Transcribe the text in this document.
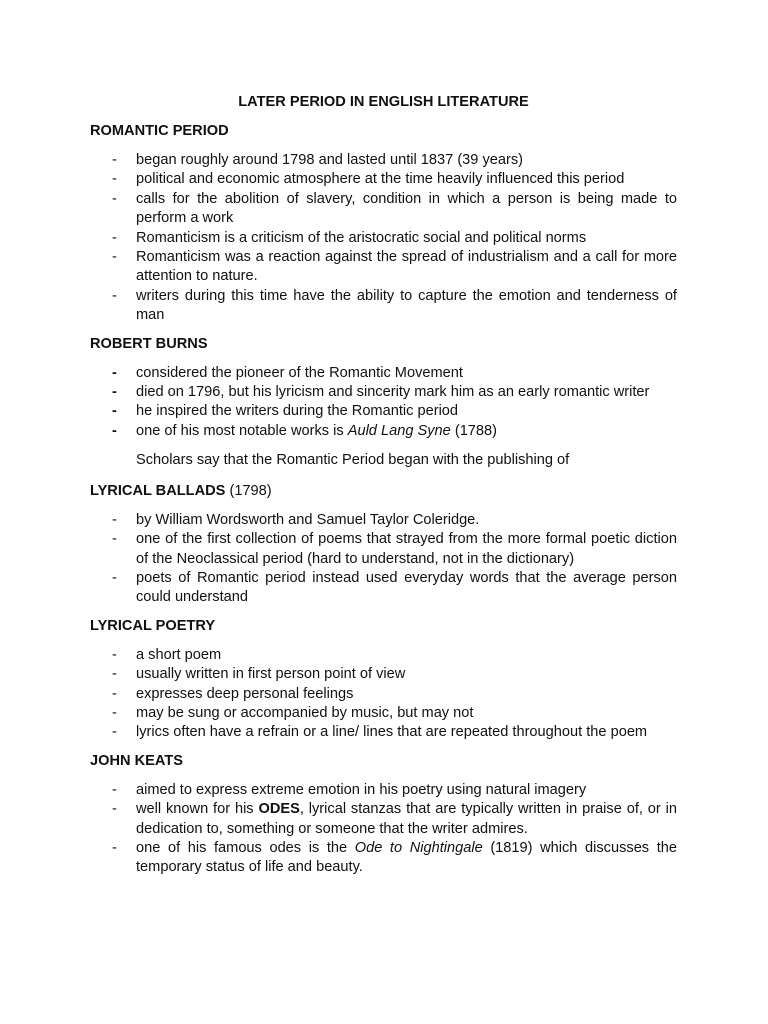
LATER PERIOD IN ENGLISH LITERATURE
ROMANTIC PERIOD
- began roughly around 1798 and lasted until 1837 (39 years)
- political and economic atmosphere at the time heavily influenced this period
- calls for the abolition of slavery, condition in which a person is being made to perform a work
- Romanticism is a criticism of the aristocratic social and political norms
- Romanticism was a reaction against the spread of industrialism and a call for more attention to nature.
- writers during this time have the ability to capture the emotion and tenderness of man
ROBERT BURNS
- considered the pioneer of the Romantic Movement
- died on 1796, but his lyricism and sincerity mark him as an early romantic writer
- he inspired the writers during the Romantic period
- one of his most notable works is Auld Lang Syne (1788)
Scholars say that the Romantic Period began with the publishing of
LYRICAL BALLADS (1798)
- by William Wordsworth and Samuel Taylor Coleridge.
- one of the first collection of poems that strayed from the more formal poetic diction of the Neoclassical period (hard to understand, not in the dictionary)
- poets of Romantic period instead used everyday words that the average person could understand
LYRICAL POETRY
- a short poem
- usually written in first person point of view
- expresses deep personal feelings
- may be sung or accompanied by music, but may not
- lyrics often have a refrain or a line/ lines that are repeated throughout the poem
JOHN KEATS
- aimed to express extreme emotion in his poetry using natural imagery
- well known for his ODES, lyrical stanzas that are typically written in praise of, or in dedication to, something or someone that the writer admires.
- one of his famous odes is the Ode to Nightingale (1819) which discusses the temporary status of life and beauty.
